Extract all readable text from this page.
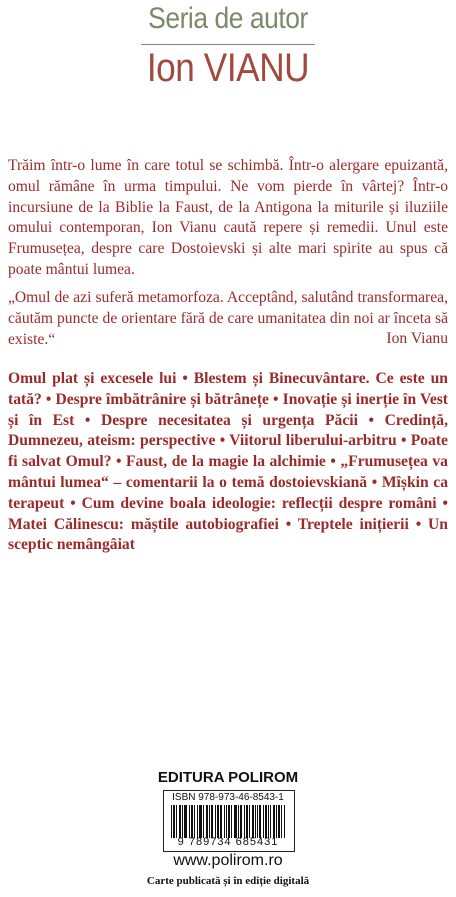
Seria de autor
Ion VIANU
Trăim într-o lume în care totul se schimbă. Într-o alergare epuizantă, omul rămâne în urma timpului. Ne vom pierde în vârtej? Într-o incursiune de la Biblie la Faust, de la Antigona la miturile și iluziile omului contemporan, Ion Vianu caută repere și remedii. Unul este Frumusețea, despre care Dostoievski și alte mari spirite au spus că poate mântui lumea.
„Omul de azi suferă metamorfoza. Acceptând, salutând transformarea, căutăm puncte de orientare fără de care umanitatea din noi ar înceta să existe.“	Ion Vianu
Omul plat și excesele lui • Blestem și Binecuvântare. Ce este un tată? • Despre îmbătrânire și bătrânețe • Inovație și inerție în Vest și în Est • Despre necesitatea și urgența Păcii • Credință, Dumnezeu, ateism: perspective • Viitorul liberului-arbitru • Poate fi salvat Omul? • Faust, de la magie la alchimie • „Frumusețea va mântui lumea“ – comentarii la o temă dostoievskiană • Mîșkin ca terapeut • Cum devine boala ideologie: reflecții despre români • Matei Călinescu: măștile autobiografiei • Treptele inițierii • Un sceptic nemângâiat
EDITURA POLIROM
ISBN 978-973-46-8543-1
9 789734 685431
www.polirom.ro
Carte publicată și în ediție digitală
